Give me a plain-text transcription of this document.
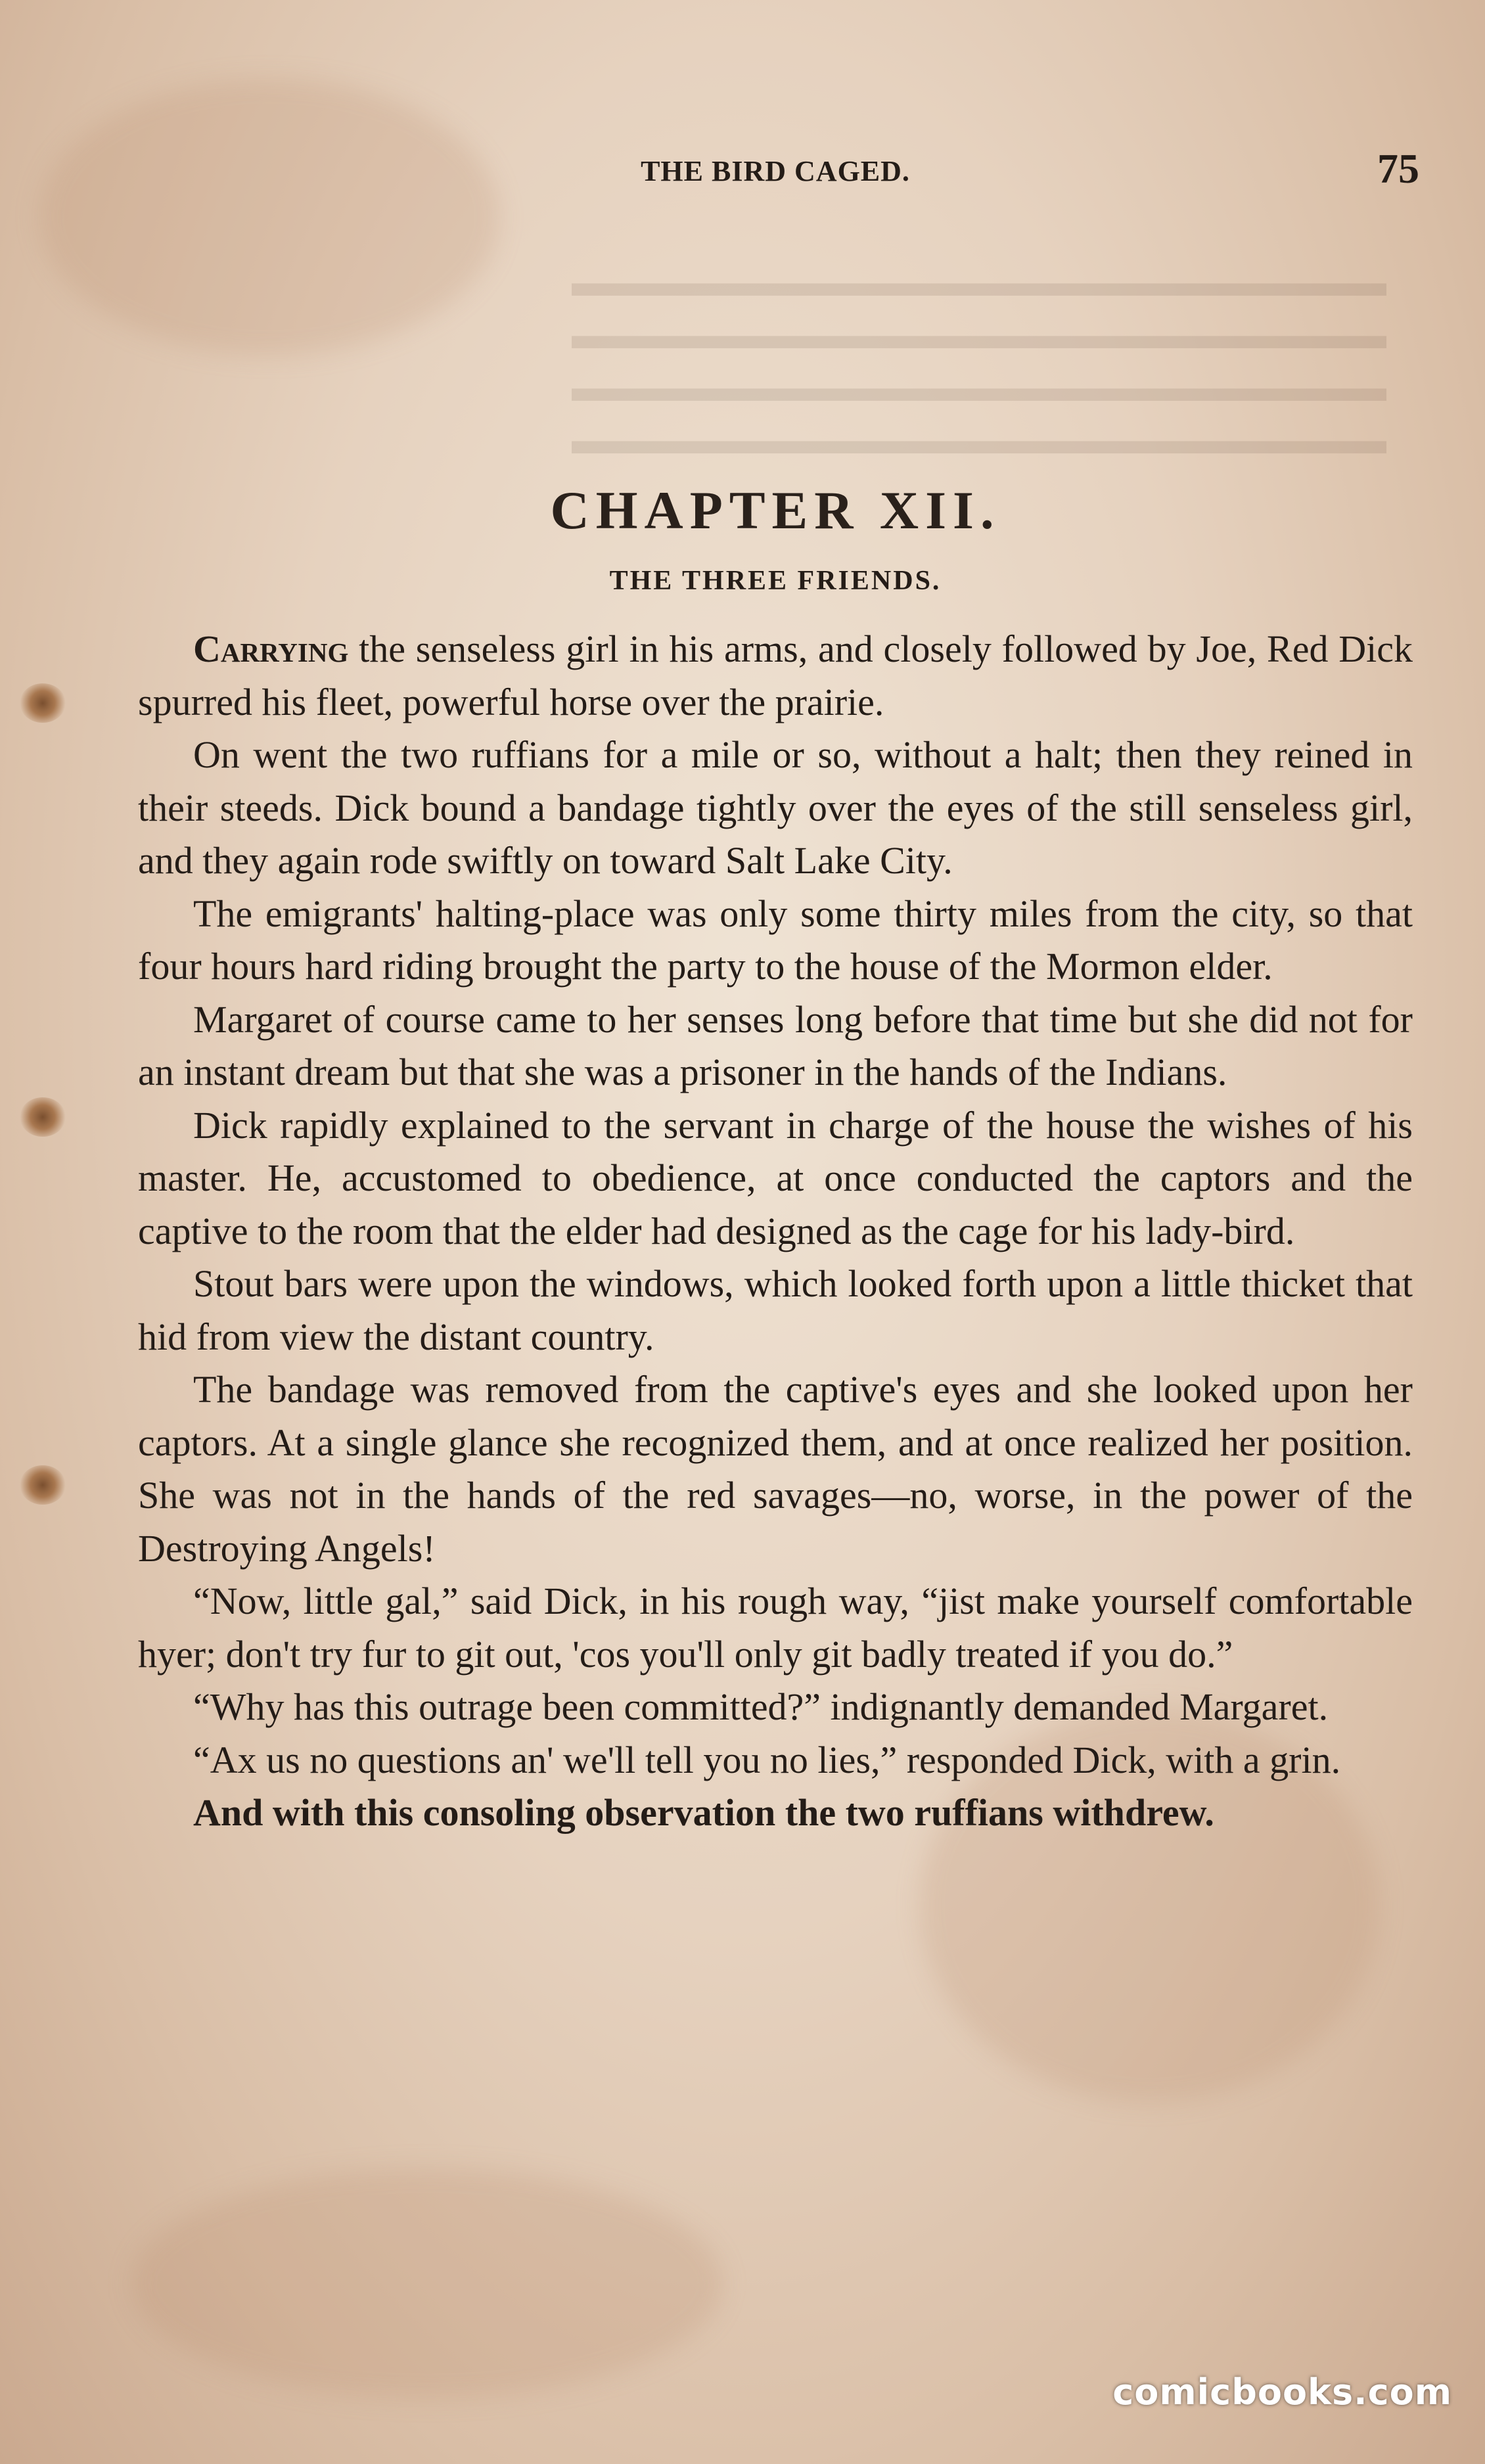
▬▬▬▬▬▬▬▬▬▬▬▬▬▬▬▬▬▬▬▬
▬▬▬▬▬▬▬▬▬▬▬▬▬▬▬▬▬▬▬▬
▬▬▬▬▬▬▬▬▬▬▬▬▬▬▬▬▬▬▬▬
▬▬▬▬▬▬▬▬▬▬▬▬▬▬▬▬▬▬▬▬
THE BIRD CAGED.	75
CHAPTER XII.
THE THREE FRIENDS.

Carrying the senseless girl in his arms, and closely followed by Joe, Red Dick spurred his fleet, powerful horse over the prairie.

On went the two ruffians for a mile or so, without a halt; then they reined in their steeds. Dick bound a bandage tightly over the eyes of the still senseless girl, and they again rode swiftly on toward Salt Lake City.

The emigrants' halting-place was only some thirty miles from the city, so that four hours hard riding brought the party to the house of the Mormon elder.

Margaret of course came to her senses long before that time but she did not for an instant dream but that she was a prisoner in the hands of the Indians.

Dick rapidly explained to the servant in charge of the house the wishes of his master. He, accustomed to obedience, at once conducted the captors and the captive to the room that the elder had designed as the cage for his lady-bird.

Stout bars were upon the windows, which looked forth upon a little thicket that hid from view the distant country.

The bandage was removed from the captive's eyes and she looked upon her captors. At a single glance she recognized them, and at once realized her position. She was not in the hands of the red savages—no, worse, in the power of the Destroying Angels!

“Now, little gal,” said Dick, in his rough way, “jist make yourself comfortable hyer; don't try fur to git out, 'cos you'll only git badly treated if you do.”

“Why has this outrage been committed?” indignantly demanded Margaret.

“Ax us no questions an' we'll tell you no lies,” responded Dick, with a grin.

And with this consoling observation the two ruffians withdrew.

comicbooks.com
